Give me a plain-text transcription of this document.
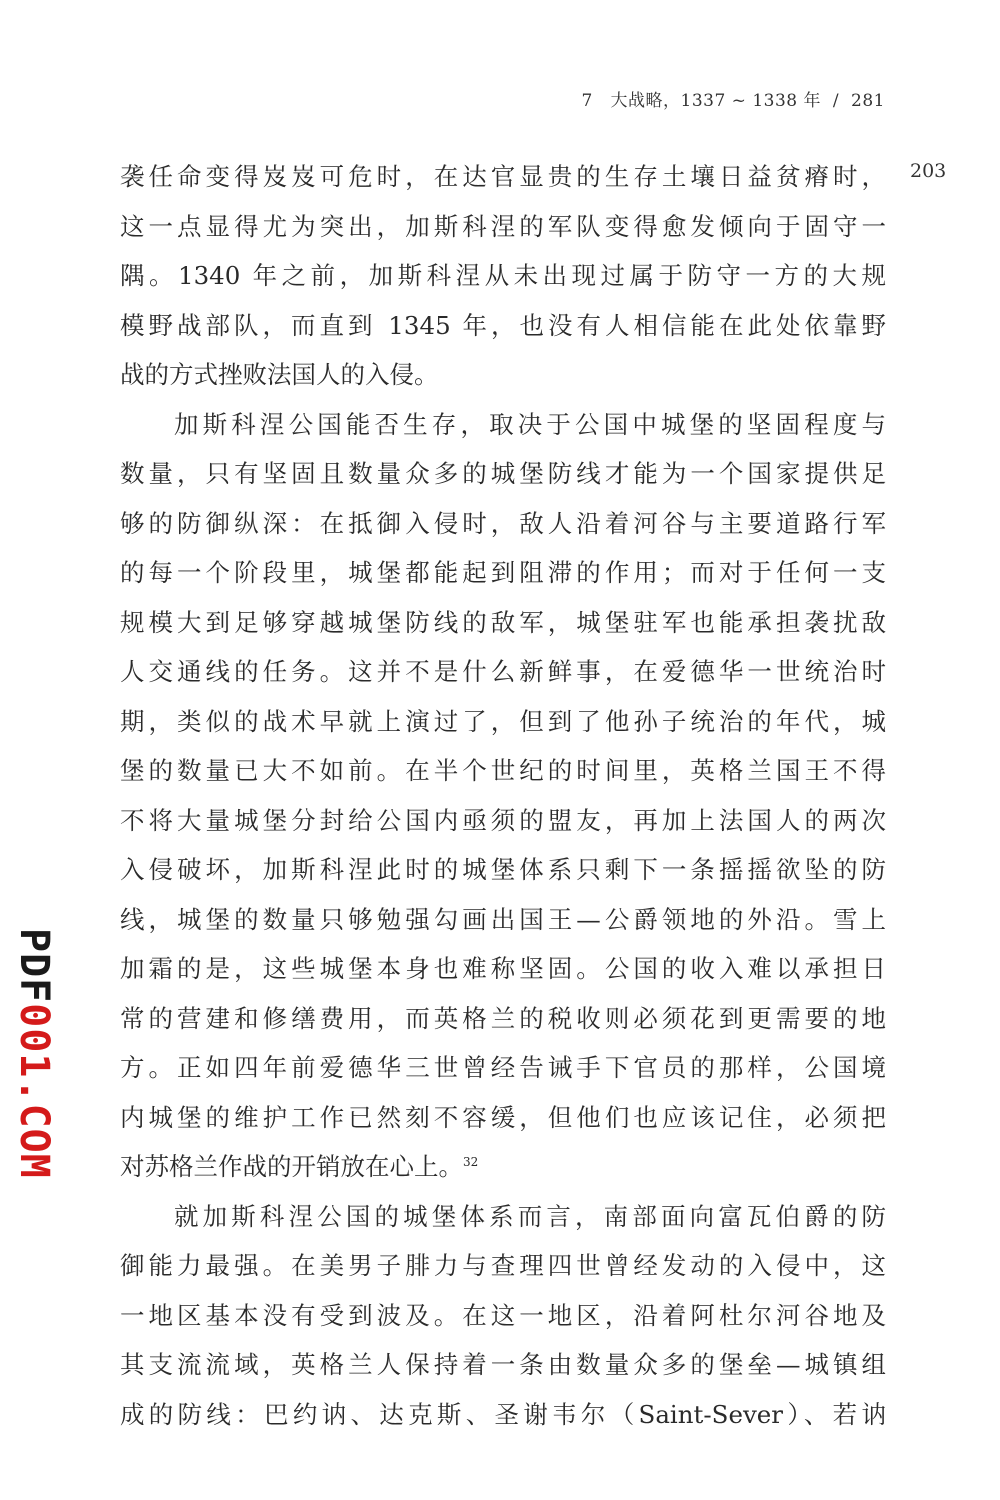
7 大战略，1337 ~ 1338 年 / 281
203
袭任命变得岌岌可危时，在达官显贵的生存土壤日益贫瘠时，
这一点显得尤为突出，加斯科涅的军队变得愈发倾向于固守一
隅。1340 年之前，加斯科涅从未出现过属于防守一方的大规
模野战部队，而直到 1345 年，也没有人相信能在此处依靠野
战的方式挫败法国人的入侵。
加斯科涅公国能否生存，取决于公国中城堡的坚固程度与
数量，只有坚固且数量众多的城堡防线才能为一个国家提供足
够的防御纵深：在抵御入侵时，敌人沿着河谷与主要道路行军
的每一个阶段里，城堡都能起到阻滞的作用；而对于任何一支
规模大到足够穿越城堡防线的敌军，城堡驻军也能承担袭扰敌
人交通线的任务。这并不是什么新鲜事，在爱德华一世统治时
期，类似的战术早就上演过了，但到了他孙子统治的年代，城
堡的数量已大不如前。在半个世纪的时间里，英格兰国王不得
不将大量城堡分封给公国内亟须的盟友，再加上法国人的两次
入侵破坏，加斯科涅此时的城堡体系只剩下一条摇摇欲坠的防
线，城堡的数量只够勉强勾画出国王—公爵领地的外沿。雪上
加霜的是，这些城堡本身也难称坚固。公国的收入难以承担日
常的营建和修缮费用，而英格兰的税收则必须花到更需要的地
方。正如四年前爱德华三世曾经告诫手下官员的那样，公国境
内城堡的维护工作已然刻不容缓，但他们也应该记住，必须把
对苏格兰作战的开销放在心上。$^{32}$
就加斯科涅公国的城堡体系而言，南部面向富瓦伯爵的防
御能力最强。在美男子腓力与查理四世曾经发动的入侵中，这
一地区基本没有受到波及。在这一地区，沿着阿杜尔河谷地及
其支流流域，英格兰人保持着一条由数量众多的堡垒—城镇组
成的防线：巴约讷、达克斯、圣谢韦尔（Saint-Sever）、若讷
PDF001.COM
